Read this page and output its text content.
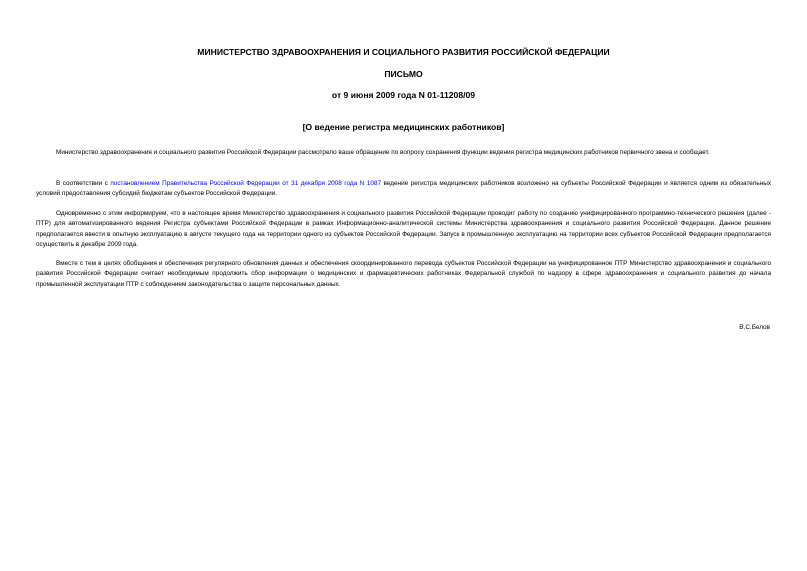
МИНИСТЕРСТВО ЗДРАВООХРАНЕНИЯ И СОЦИАЛЬНОГО РАЗВИТИЯ РОССИЙСКОЙ ФЕДЕРАЦИИ
ПИСЬМО
от 9 июня 2009 года N 01-11208/09
[О ведение регистра медицинских работников]

Министерство здравоохранения и социального развития Российской Федерации рассмотрело ваше обращение по вопросу сохранения функции ведения регистра медицинских работников первичного звена и сообщает.

В соответствии с постановлением Правительства Российской Федерации от 31 декабря 2008 года N 1087 ведение регистра медицинских работников возложено на субъекты Российской Федерации и является одним из обязательных условий предоставления субсидий бюджетам субъектов Российской Федерации.

Одновременно с этим информируем, что в настоящее время Министерство здравоохранения и социального развития Российской Федерации проводит работу по созданию унифицированного программно-технического решения (далее - ПТР) для автоматизированного ведения Регистра субъектами Российской Федерации в рамках Информационно-аналитической системы Министерства здравоохранения и социального развития Российской Федерации. Данное решение предполагается ввести в опытную эксплуатацию в августе текущего года на территории одного из субъектов Российской Федерации. Запуск в промышленную эксплуатацию на территории всех субъектов Российской Федерации предполагается осуществить в декабре 2009 года.

Вместе с тем в целях обобщения и обеспечения регулярного обновления данных и обеспечения скоординированного перевода субъектов Российской Федерации на унифицированное ПТР Министерство здравоохранения и социального развития Российской Федерации считает необходимым продолжить сбор информации о медицинских и фармацевтических работниках Федеральной службой по надзору в сфере здравоохранения и социального развития до начала промышленной эксплуатации ПТР с соблюдением законодательства о защите персональных данных.

В.С.Белов
